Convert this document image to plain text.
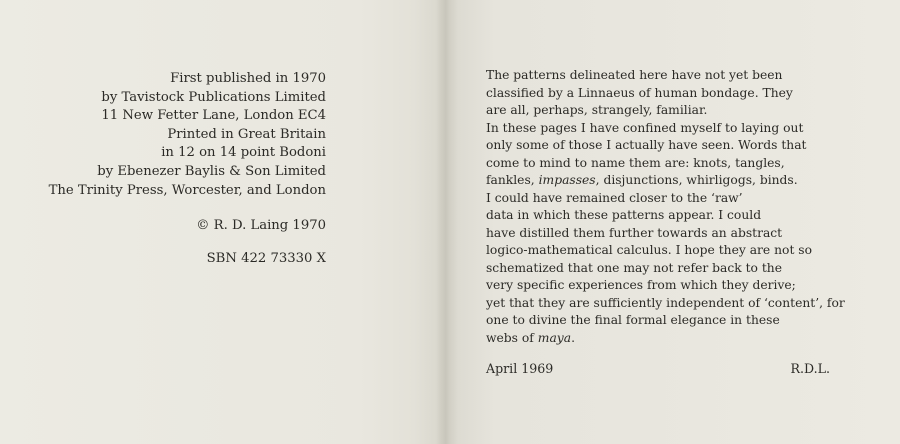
First published in 1970
by Tavistock Publications Limited
11 New Fetter Lane, London EC4
Printed in Great Britain
in 12 on 14 point Bodoni
by Ebenezer Baylis & Son Limited
The Trinity Press, Worcester, and London
© R. D. Laing 1970
SBN 422 73330 X
The patterns delineated here have not yet been
classified by a Linnaeus of human bondage. They
are all, perhaps, strangely, familiar.
In these pages I have confined myself to laying out
only some of those I actually have seen. Words that
come to mind to name them are: knots, tangles,
fankles, impasses, disjunctions, whirligogs, binds.
I could have remained closer to the ‘raw’
data in which these patterns appear. I could
have distilled them further towards an abstract
logico-mathematical calculus. I hope they are not so
schematized that one may not refer back to the
very specific experiences from which they derive;
yet that they are sufficiently independent of ‘content’, for
one to divine the final formal elegance in these
webs of maya.
April 1969	R.D.L.
